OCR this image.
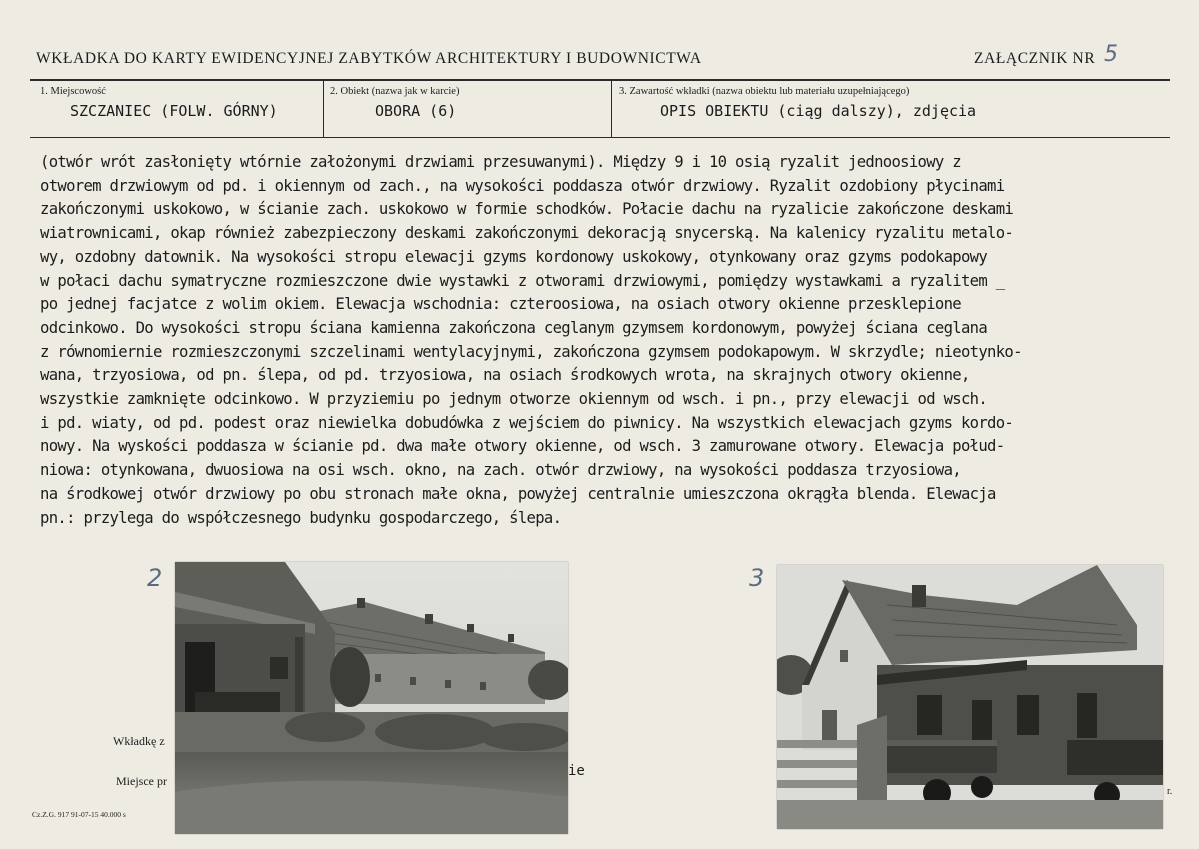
WKŁADKA DO KARTY EWIDENCYJNEJ ZABYTKÓW ARCHITEKTURY I BUDOWNICTWA	ZAŁĄCZNIK NR 5
1. Miejscowość
SZCZANIEC (FOLW. GÓRNY)
2. Obiekt (nazwa jak w karcie)
OBORA (6)
3. Zawartość wkładki (nazwa obiektu lub materiału uzupełniającego)
OPIS OBIEKTU (ciąg dalszy), zdjęcia
(otwór wrót zasłonięty wtórnie założonymi drzwiami przesuwanymi). Między 9 i 10 osią ryzalit jednoosiowy z
otworem drzwiowym od pd. i okiennym od zach., na wysokości poddasza otwór drzwiowy. Ryzalit ozdobiony płycinami
zakończonymi uskokowo, w ścianie zach. uskokowo w formie schodków. Połacie dachu na ryzalicie zakończone deskami
wiatrownicami, okap również zabezpieczony deskami zakończonymi dekoracją snycerską. Na kalenicy ryzalitu metalo-
wy, ozdobny datownik. Na wysokości stropu elewacji gzyms kordonowy uskokowy, otynkowany oraz gzyms podokapowy
w połaci dachu symatryczne rozmieszczone dwie wystawki z otworami drzwiowymi, pomiędzy wystawkami a ryzalitem _
po jednej facjatce z wolim okiem. Elewacja wschodnia: czteroosiowa, na osiach otwory okienne przesklepione
odcinkowo. Do wysokości stropu ściana kamienna zakończona ceglanym gzymsem kordonowym, powyżej ściana ceglana
z równomiernie rozmieszczonymi szczelinami wentylacyjnymi, zakończona gzymsem podokapowym. W skrzydle; nieotynko-
wana, trzyosiowa, od pn. ślepa, od pd. trzyosiowa, na osiach środkowych wrota, na skrajnych otwory okienne,
wszystkie zamknięte odcinkowo. W przyziemiu po jednym otworze okiennym od wsch. i pn., przy elewacji od wsch.
i pd. wiaty, od pd. podest oraz niewielka dobudówka z wejściem do piwnicy. Na wszystkich elewacjach gzyms kordo-
nowy. Na wyskości poddasza w ścianie pd. dwa małe otwory okienne, od wsch. 3 zamurowane otwory. Elewacja połud-
niowa: otynkowana, dwuosiowa na osi wsch. okno, na zach. otwór drzwiowy, na wysokości poddasza trzyosiowa,
na środkowej otwór drzwiowy po obu stronach małe okna, powyżej centralnie umieszczona okrągła blenda. Elewacja
pn.: przylega do współczesnego budynku gospodarczego, ślepa.
2	3
Wkładkę z
Miejsce pr
ie
r.
Cz.Z.G. 917 91-07-15 40.000 s
